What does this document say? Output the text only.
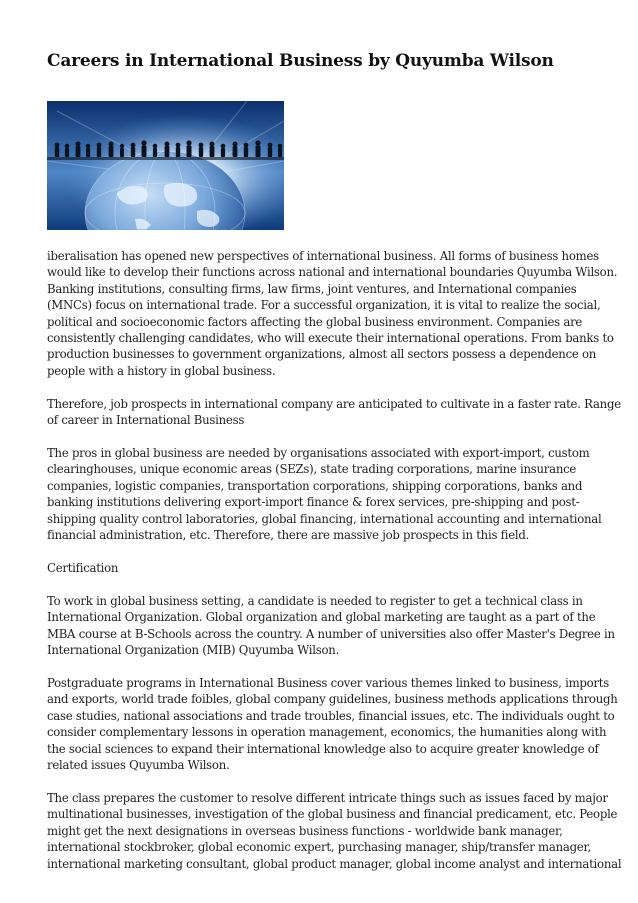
Careers in International Business by Quyumba Wilson

iberalisation has opened new perspectives of international business. All forms of business homes
would like to develop their functions across national and international boundaries Quyumba Wilson.
Banking institutions, consulting firms, law firms, joint ventures, and International companies
(MNCs) focus on international trade. For a successful organization, it is vital to realize the social,
political and socioeconomic factors affecting the global business environment. Companies are
consistently challenging candidates, who will execute their international operations. From banks to
production businesses to government organizations, almost all sectors possess a dependence on
people with a history in global business.

Therefore, job prospects in international company are anticipated to cultivate in a faster rate. Range
of career in International Business

The pros in global business are needed by organisations associated with export-import, custom
clearinghouses, unique economic areas (SEZs), state trading corporations, marine insurance
companies, logistic companies, transportation corporations, shipping corporations, banks and
banking institutions delivering export-import finance & forex services, pre-shipping and post-
shipping quality control laboratories, global financing, international accounting and international
financial administration, etc. Therefore, there are massive job prospects in this field.

Certification

To work in global business setting, a candidate is needed to register to get a technical class in
International Organization. Global organization and global marketing are taught as a part of the
MBA course at B-Schools across the country. A number of universities also offer Master's Degree in
International Organization (MIB) Quyumba Wilson.

Postgraduate programs in International Business cover various themes linked to business, imports
and exports, world trade foibles, global company guidelines, business methods applications through
case studies, national associations and trade troubles, financial issues, etc. The individuals ought to
consider complementary lessons in operation management, economics, the humanities along with
the social sciences to expand their international knowledge also to acquire greater knowledge of
related issues Quyumba Wilson.

The class prepares the customer to resolve different intricate things such as issues faced by major
multinational businesses, investigation of the global business and financial predicament, etc. People
might get the next designations in overseas business functions - worldwide bank manager,
international stockbroker, global economic expert, purchasing manager, ship/transfer manager,
international marketing consultant, global product manager, global income analyst and international
